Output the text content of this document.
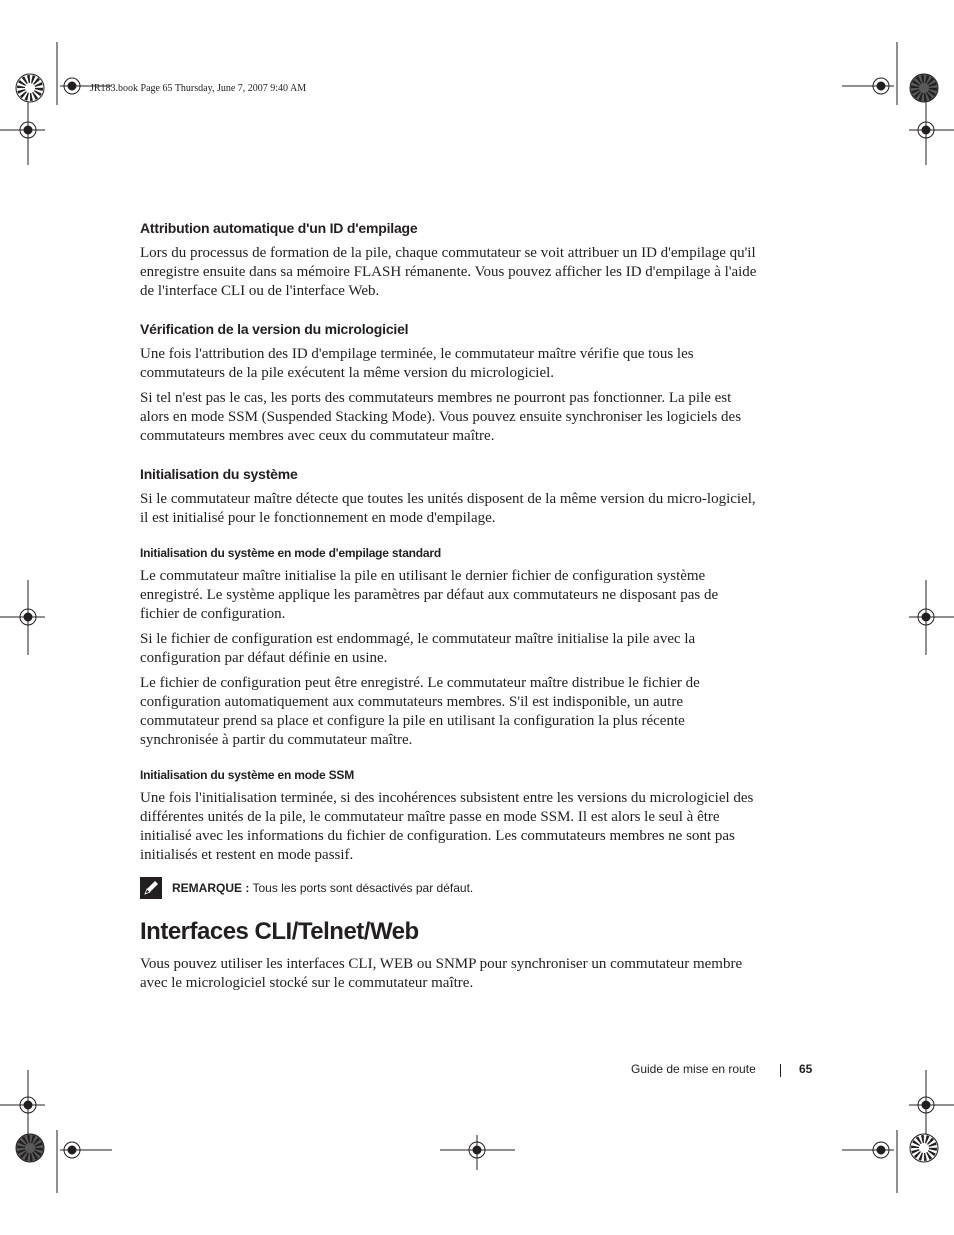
JR183.book Page 65 Thursday, June 7, 2007 9:40 AM
Attribution automatique d'un ID d'empilage

Lors du processus de formation de la pile, chaque commutateur se voit attribuer un ID d'empilage qu'il enregistre ensuite dans sa mémoire FLASH rémanente. Vous pouvez afficher les ID d'empilage à l'aide de l'interface CLI ou de l'interface Web.

Vérification de la version du micrologiciel

Une fois l'attribution des ID d'empilage terminée, le commutateur maître vérifie que tous les commutateurs de la pile exécutent la même version du micrologiciel.

Si tel n'est pas le cas, les ports des commutateurs membres ne pourront pas fonctionner. La pile est alors en mode SSM (Suspended Stacking Mode). Vous pouvez ensuite synchroniser les logiciels des commutateurs membres avec ceux du commutateur maître.

Initialisation du système

Si le commutateur maître détecte que toutes les unités disposent de la même version du micro-logiciel, il est initialisé pour le fonctionnement en mode d'empilage.

Initialisation du système en mode d'empilage standard

Le commutateur maître initialise la pile en utilisant le dernier fichier de configuration système enregistré. Le système applique les paramètres par défaut aux commutateurs ne disposant pas de fichier de configuration.

Si le fichier de configuration est endommagé, le commutateur maître initialise la pile avec la configuration par défaut définie en usine.

Le fichier de configuration peut être enregistré. Le commutateur maître distribue le fichier de configuration automatiquement aux commutateurs membres. S'il est indisponible, un autre commutateur prend sa place et configure la pile en utilisant la configuration la plus récente synchronisée à partir du commutateur maître.

Initialisation du système en mode SSM

Une fois l'initialisation terminée, si des incohérences subsistent entre les versions du micrologiciel des différentes unités de la pile, le commutateur maître passe en mode SSM. Il est alors le seul à être initialisé avec les informations du fichier de configuration. Les commutateurs membres ne sont pas initialisés et restent en mode passif.

REMARQUE : Tous les ports sont désactivés par défaut.
Interfaces CLI/Telnet/Web

Vous pouvez utiliser les interfaces CLI, WEB ou SNMP pour synchroniser un commutateur membre avec le micrologiciel stocké sur le commutateur maître.

Guide de mise en route	65
